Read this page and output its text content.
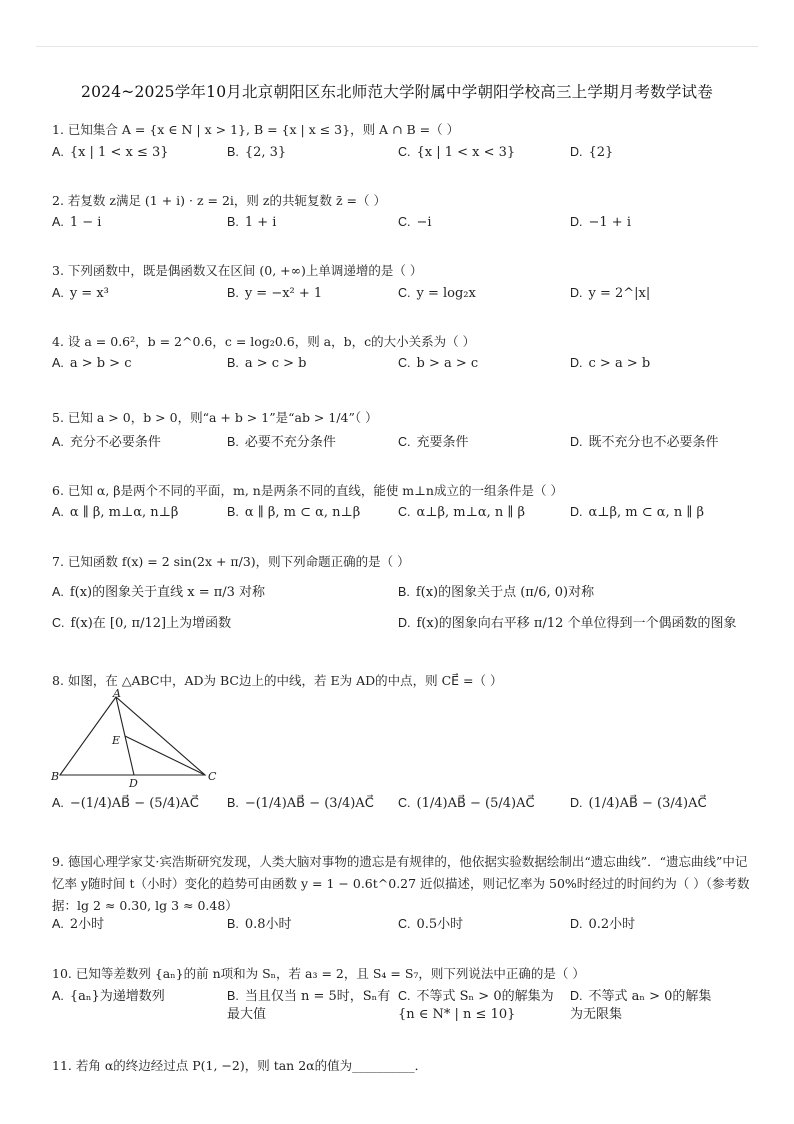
2024~2025学年10月北京朝阳区东北师范大学附属中学朝阳学校高三上学期月考数学试卷
1. 已知集合 A = {x ∈ N | x > 1}, B = {x | x ≤ 3}，则 A ∩ B =（ ）
A. {x | 1 < x ≤ 3}	B. {2, 3}	C. {x | 1 < x < 3}	D. {2}
2. 若复数 z满足 (1 + i) · z = 2i，则 z的共轭复数 z̄ =（ ）
A. 1 − i	B. 1 + i	C. −i	D. −1 + i
3. 下列函数中，既是偶函数又在区间 (0, +∞)上单调递增的是（ ）
A. y = x³	B. y = −x² + 1	C. y = log₂x	D. y = 2^|x|
4. 设 a = 0.6²，b = 2^0.6，c = log₂0.6，则 a，b，c的大小关系为（ ）
A. a > b > c	B. a > c > b	C. b > a > c	D. c > a > b
5. 已知 a > 0，b > 0，则“a + b > 1”是“ab > 1/4”（ ）
A. 充分不必要条件	B. 必要不充分条件	C. 充要条件	D. 既不充分也不必要条件
6. 已知 α, β是两个不同的平面，m, n是两条不同的直线，能使 m⊥n成立的一组条件是（ ）
A. α ∥ β, m⊥α, n⊥β	B. α ∥ β, m ⊂ α, n⊥β	C. α⊥β, m⊥α, n ∥ β	D. α⊥β, m ⊂ α, n ∥ β
7. 已知函数 f(x) = 2 sin(2x + π/3)，则下列命题正确的是（ ）
A. f(x)的图象关于直线 x = π/3 对称	B. f(x)的图象关于点 (π/6, 0)对称
C. f(x)在 [0, π/12]上为增函数	D. f(x)的图象向右平移 π/12 个单位得到一个偶函数的图象
8. 如图，在 △ABC中，AD为 BC边上的中线，若 E为 AD的中点，则 CE⃗ =（ ）
A
B	C
D
E
A. −(1/4)AB⃗ − (5/4)AC⃗ B. −(1/4)AB⃗ − (3/4)AC⃗ C. (1/4)AB⃗ − (5/4)AC⃗	D. (1/4)AB⃗ − (3/4)AC⃗
9. 德国心理学家艾·宾浩斯研究发现，人类大脑对事物的遗忘是有规律的，他依据实验数据绘制出“遗忘曲线”．“遗忘曲线”中记忆率 y随时间 t（小时）变化的趋势可由函数 y = 1 − 0.6t^0.27 近似描述，则记忆率为 50%时经过的时间约为（ ）（参考数据：lg 2 ≈ 0.30, lg 3 ≈ 0.48）
A. 2小时	B. 0.8小时	C. 0.5小时	D. 0.2小时
10. 已知等差数列 {aₙ}的前 n项和为 Sₙ，若 a₃ = 2，且 S₄ = S₇，则下列说法中正确的是（ ）
A. {aₙ}为递增数列	B. 当且仅当 n = 5时，Sₙ有最大值
C. 不等式 Sₙ > 0的解集为 {n ∈ N* | n ≤ 10}
D. 不等式 aₙ > 0的解集为无限集
11. 若角 α的终边经过点 P(1, −2)，则 tan 2α的值为__________．
